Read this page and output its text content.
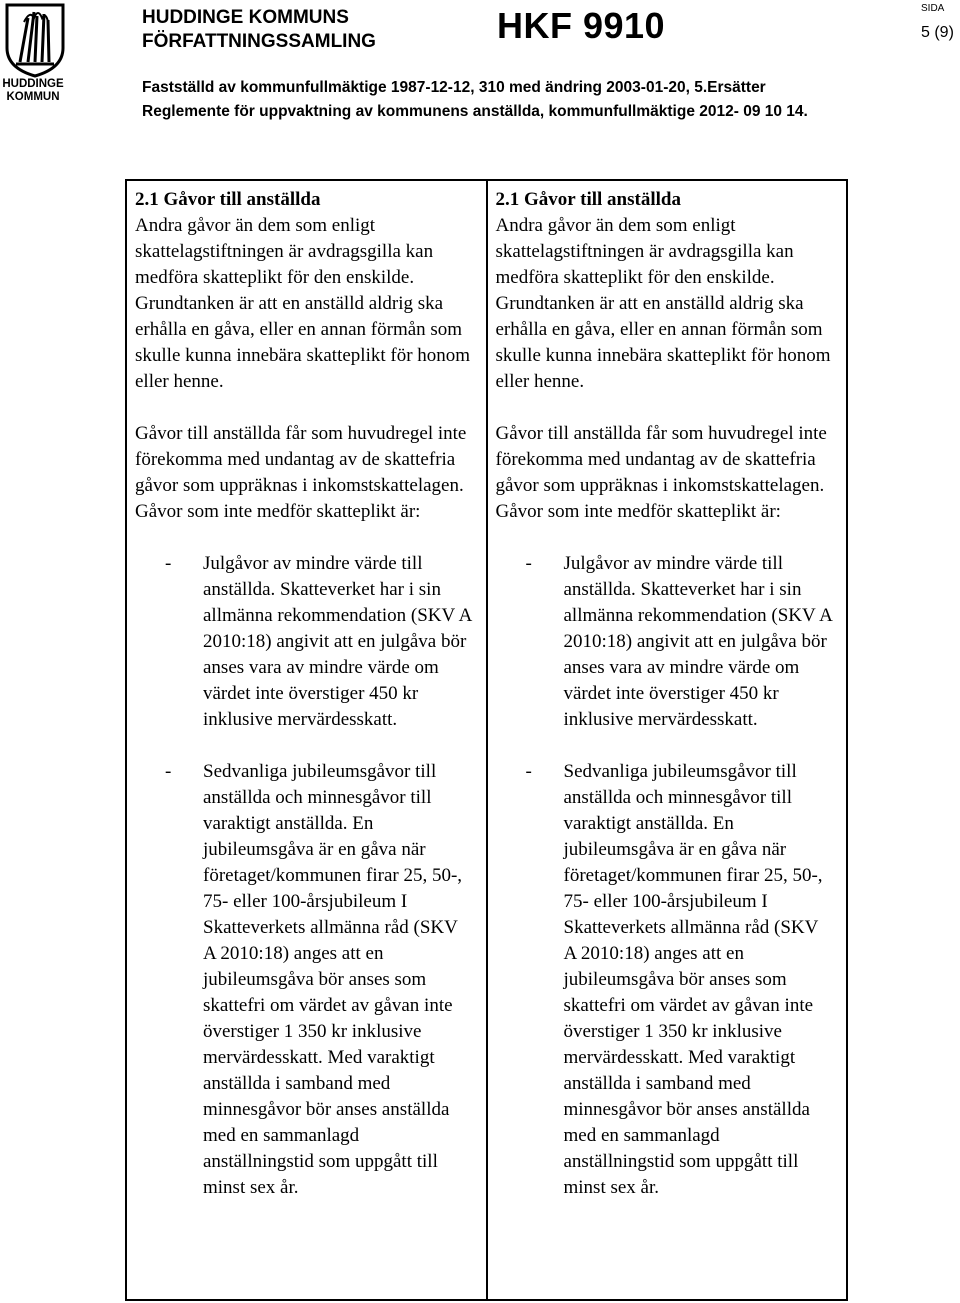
HUDDINGE
KOMMUN
HUDDINGE KOMMUNS
FÖRFATTNINGSSAMLING	HKF 9910	SIDA
5 (9)
Fastställd av kommunfullmäktige 1987-12-12, 310 med ändring 2003-01-20, 5.Ersätter
Reglemente för uppvaktning av kommunens anställda, kommunfullmäktige 2012- 09 10 14.
2.1 Gåvor till anställda

Andra gåvor än dem som enligt skattelagstiftningen är avdragsgilla kan medföra skatteplikt för den enskilde. Grundtanken är att en anställd aldrig ska erhålla en gåva, eller en annan förmån som skulle kunna innebära skatteplikt för honom eller henne.

Gåvor till anställda får som huvudregel inte förekomma med undantag av de skattefria gåvor som uppräknas i inkomstskattelagen. Gåvor som inte medför skatteplikt är:

-	Julgåvor av mindre värde till anställda. Skatteverket har i sin allmänna rekommendation (SKV A 2010:18) angivit att en julgåva bör anses vara av mindre värde om värdet inte överstiger 450 kr inklusive mervärdesskatt.
-	Sedvanliga jubileumsgåvor till anställda och minnesgåvor till varaktigt anställda. En jubileumsgåva är en gåva när företaget/kommunen firar 25, 50-, 75- eller 100-årsjubileum I Skatteverkets allmänna råd (SKV A 2010:18) anges att en jubileumsgåva bör anses som skattefri om värdet av gåvan inte överstiger 1 350 kr inklusive mervärdesskatt. Med varaktigt anställda i samband med minnesgåvor bör anses anställda med en sammanlagd anställningstid som uppgått till minst sex år.

2.1 Gåvor till anställda

Andra gåvor än dem som enligt skattelagstiftningen är avdragsgilla kan medföra skatteplikt för den enskilde. Grundtanken är att en anställd aldrig ska erhålla en gåva, eller en annan förmån som skulle kunna innebära skatteplikt för honom eller henne.

Gåvor till anställda får som huvudregel inte förekomma med undantag av de skattefria gåvor som uppräknas i inkomstskattelagen. Gåvor som inte medför skatteplikt är:

-	Julgåvor av mindre värde till anställda. Skatteverket har i sin allmänna rekommendation (SKV A 2010:18) angivit att en julgåva bör anses vara av mindre värde om värdet inte överstiger 450 kr inklusive mervärdesskatt.
-	Sedvanliga jubileumsgåvor till anställda och minnesgåvor till varaktigt anställda. En jubileumsgåva är en gåva när företaget/kommunen firar 25, 50-, 75- eller 100-årsjubileum I Skatteverkets allmänna råd (SKV A 2010:18) anges att en jubileumsgåva bör anses som skattefri om värdet av gåvan inte överstiger 1 350 kr inklusive mervärdesskatt. Med varaktigt anställda i samband med minnesgåvor bör anses anställda med en sammanlagd anställningstid som uppgått till minst sex år.
